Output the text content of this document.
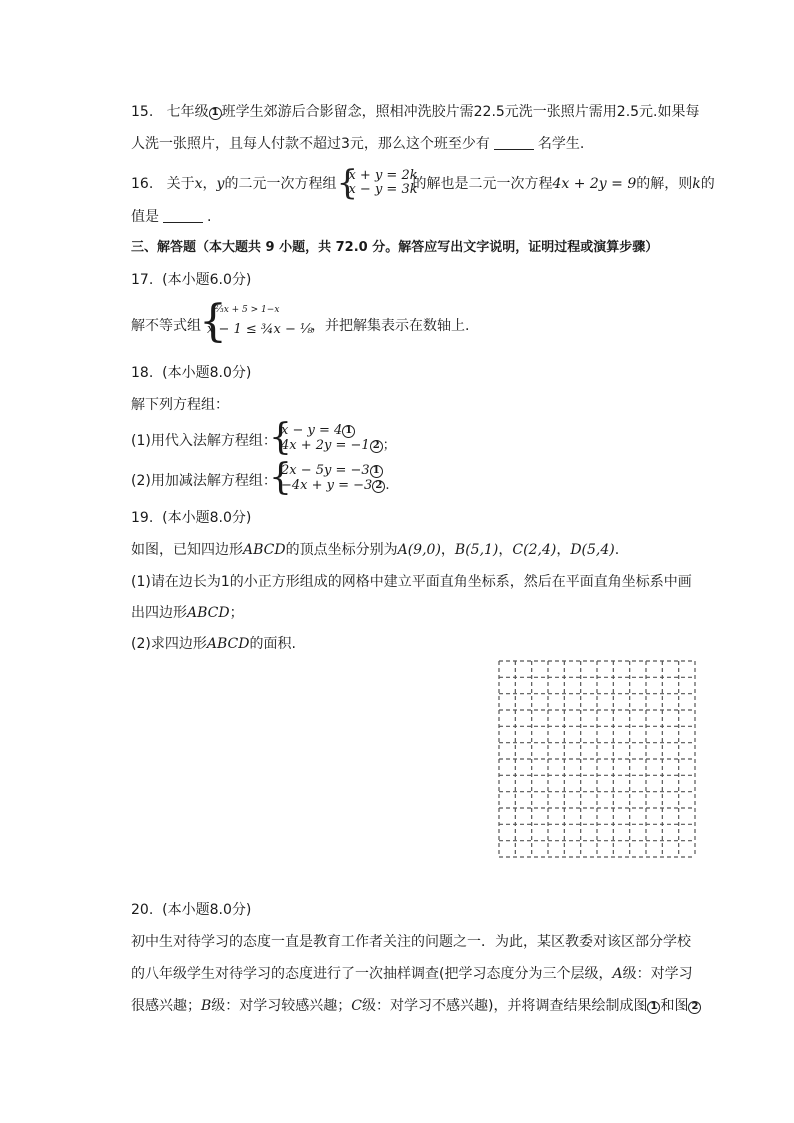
15. 七年级 1 班学生郊游后合影留念，照相冲洗胶片需22.5元洗一张照片需用2.5元.如果每
人洗一张照片，且每人付款不超过3元，那么这个班至少有	名学生.
16. 关于x，y的二元一次方程组 {
x + y = 2k
x − y = 3k
的解也是二元一次方程4x + 2y = 9的解，则k的
值是	.
三、解答题（本大题共 9 小题，共 72.0 分。解答应写出文字说明，证明过程或演算步骤）
17. (本小题6.0分)
解不等式组
{
⅔x + 5 > 1−x
x − 1 ≤ ¾x − ⅛
，并把解集表示在数轴上.
18. (本小题8.0分)
解下列方程组：
(1)用代入法解方程组：
{
x − y = 4 1
4x + 2y = −1 2 ；
(2)用加减法解方程组：
{
2x − 5y = −3 1
−4x + y = −3 2 .
19. (本小题8.0分)
如图，已知四边形ABCD的顶点坐标分别为A(9,0)，B(5,1)，C(2,4)，D(5,4).
(1)请在边长为1的小正方形组成的网格中建立平面直角坐标系，然后在平面直角坐标系中画
出四边形ABCD；
(2)求四边形ABCD的面积.
20. (本小题8.0分)
初中生对待学习的态度一直是教育工作者关注的问题之一．为此，某区教委对该区部分学校
的八年级学生对待学习的态度进行了一次抽样调查(把学习态度分为三个层级，A级：对学习
很感兴趣；B级：对学习较感兴趣；C级：对学习不感兴趣)，并将调查结果绘制成图 1 和图 2
